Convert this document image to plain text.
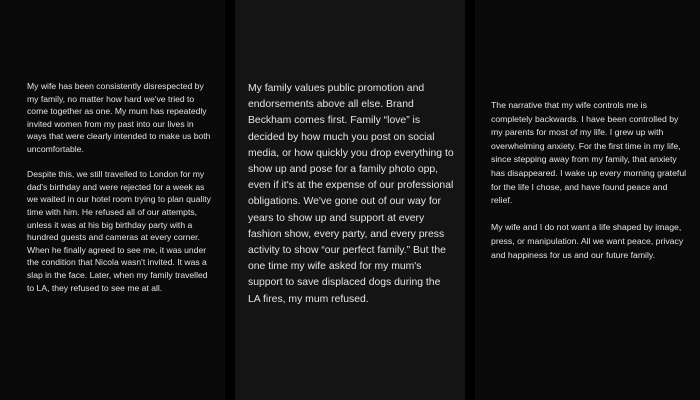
My wife has been consistently disrespected by my family, no matter how hard we've tried to come together as one. My mum has repeatedly invited women from my past into our lives in ways that were clearly intended to make us both uncomfortable.

Despite this, we still travelled to London for my dad's birthday and were rejected for a week as we waited in our hotel room trying to plan quality time with him. He refused all of our attempts, unless it was at his big birthday party with a hundred guests and cameras at every corner. When he finally agreed to see me, it was under the condition that Nicola wasn't invited. It was a slap in the face. Later, when my family travelled to LA, they refused to see me at all.

My family values public promotion and endorsements above all else. Brand Beckham comes first. Family “love” is decided by how much you post on social media, or how quickly you drop everything to show up and pose for a family photo opp, even if it's at the expense of our professional obligations. We've gone out of our way for years to show up and support at every fashion show, every party, and every press activity to show “our perfect family.” But the one time my wife asked for my mum's support to save displaced dogs during the LA fires, my mum refused.

The narrative that my wife controls me is completely backwards. I have been controlled by my parents for most of my life. I grew up with overwhelming anxiety. For the first time in my life, since stepping away from my family, that anxiety has disappeared. I wake up every morning grateful for the life I chose, and have found peace and relief.

My wife and I do not want a life shaped by image, press, or manipulation. All we want peace, privacy and happiness for us and our future family.
